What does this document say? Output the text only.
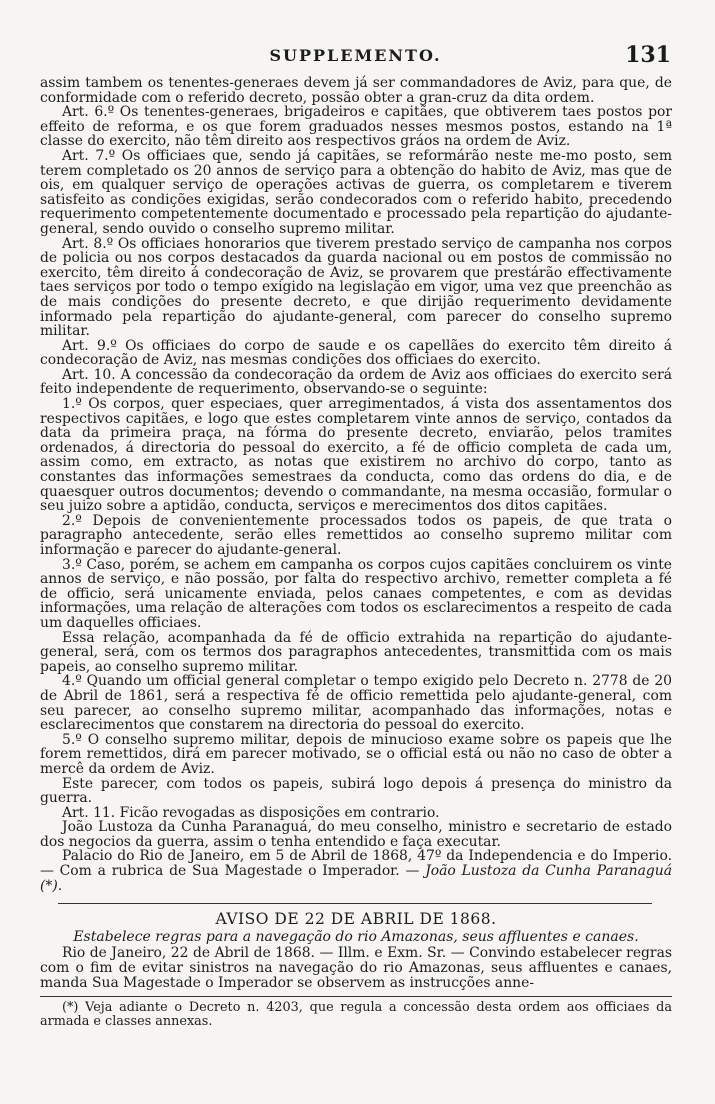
SUPPLEMENTO.	131

assim tambem os tenentes-generaes devem já ser commandadores de Aviz, para que, de conformidade com o referido decreto, possão obter a gran-cruz da dita ordem.

Art. 6.º Os tenentes-generaes, brigadeiros e capitães, que obtiverem taes postos por effeito de reforma, e os que forem graduados nesses mesmos postos, estando na 1ª classe do exercito, não têm direito aos respectivos gráos na ordem de Aviz.

Art. 7.º Os officiaes que, sendo já capitães, se reformárão neste me-mo posto, sem terem completado os 20 annos de serviço para a obtenção do habito de Aviz, mas que de ois, em qualquer serviço de operações activas de guerra, os completarem e tiverem satisfeito as condições exigidas, serão condecorados com o referido habito, precedendo requerimento competentemente documentado e processado pela repartição do ajudante-general, sendo ouvido o conselho supremo militar.

Art. 8.º Os officiaes honorarios que tiverem prestado serviço de campanha nos corpos de policia ou nos corpos destacados da guarda nacional ou em postos de commissão no exercito, têm direito á condecoração de Aviz, se provarem que prestárão effectivamente taes serviços por todo o tempo exigido na legislação em vigor, uma vez que preenchão as de mais condições do presente decreto, e que dirijão requerimento devidamente informado pela repartição do ajudante-general, com parecer do conselho supremo militar.

Art. 9.º Os officiaes do corpo de saude e os capellães do exercito têm direito á condecoração de Aviz, nas mesmas condições dos officiaes do exercito.

Art. 10. A concessão da condecoração da ordem de Aviz aos officiaes do exercito será feito independente de requerimento, observando-se o seguinte:

1.º Os corpos, quer especiaes, quer arregimentados, á vista dos assentamentos dos respectivos capitães, e logo que estes completarem vinte annos de serviço, contados da data da primeira praça, na fórma do presente decreto, enviarão, pelos tramites ordenados, á directoria do pessoal do exercito, a fé de officio completa de cada um, assim como, em extracto, as notas que existirem no archivo do corpo, tanto as constantes das informações semestraes da conducta, como das ordens do dia, e de quaesquer outros documentos; devendo o commandante, na mesma occasião, formular o seu juizo sobre a aptidão, conducta, serviços e merecimentos dos ditos capitães.

2.º Depois de convenientemente processados todos os papeis, de que trata o paragrapho antecedente, serão elles remettidos ao conselho supremo militar com informação e parecer do ajudante-general.

3.º Caso, porém, se achem em campanha os corpos cujos capitães concluirem os vinte annos de serviço, e não possão, por falta do respectivo archivo, remetter completa a fé de officio, será unicamente enviada, pelos canaes competentes, e com as devidas informações, uma relação de alterações com todos os esclarecimentos a respeito de cada um daquelles officiaes.

Essa relação, acompanhada da fé de officio extrahida na repartição do ajudante-general, será, com os termos dos paragraphos antecedentes, transmittida com os mais papeis, ao conselho supremo militar.

4.º Quando um official general completar o tempo exigido pelo Decreto n. 2778 de 20 de Abril de 1861, será a respectiva fé de officio remettida pelo ajudante-general, com seu parecer, ao conselho supremo militar, acompanhado das informações, notas e esclarecimentos que constarem na directoria do pessoal do exercito.

5.º O conselho supremo militar, depois de minucioso exame sobre os papeis que lhe forem remettidos, dirá em parecer motivado, se o official está ou não no caso de obter a mercê da ordem de Aviz.

Este parecer, com todos os papeis, subirá logo depois á presença do ministro da guerra.

Art. 11. Ficão revogadas as disposições em contrario.

João Lustoza da Cunha Paranaguá, do meu conselho, ministro e secretario de estado dos negocios da guerra, assim o tenha entendido e faça executar.

Palacio do Rio de Janeiro, em 5 de Abril de 1868, 47º da Independencia e do Imperio. — Com a rubrica de Sua Magestade o Imperador. — João Lustoza da Cunha Paranaguá (*).

AVISO DE 22 DE ABRIL DE 1868.
Estabelece regras para a navegação do rio Amazonas, seus affluentes e canaes.

Rio de Janeiro, 22 de Abril de 1868. — Illm. e Exm. Sr. — Convindo estabelecer regras com o fim de evitar sinistros na navegação do rio Amazonas, seus affluentes e canaes, manda Sua Magestade o Imperador se observem as instrucções anne-

(*) Veja adiante o Decreto n. 4203, que regula a concessão desta ordem aos officiaes da armada e classes annexas.
